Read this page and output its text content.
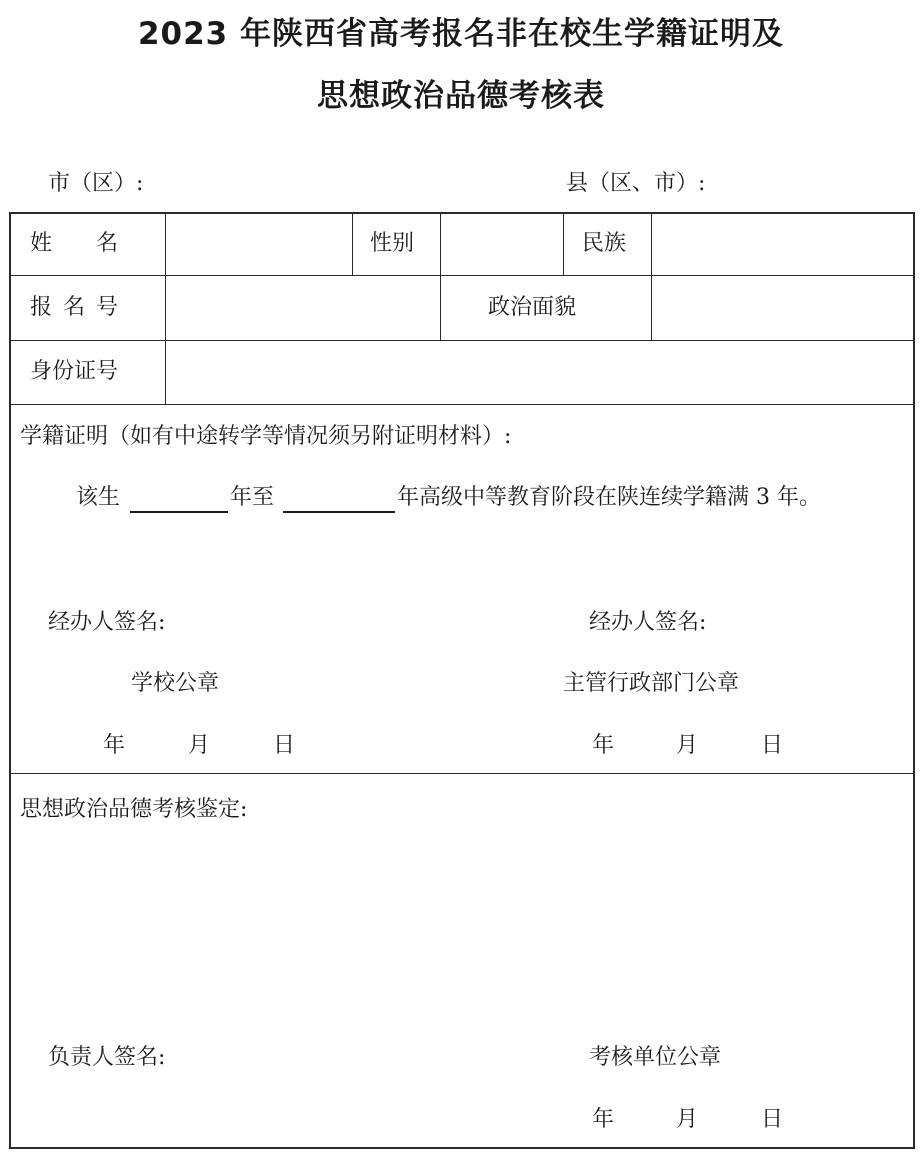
2023 年陕西省高考报名非在校生学籍证明及
思想政治品德考核表
市（区）:	县（区、市）:
姓　　名	性别	民族
报 名 号	政治面貌
身份证号
学籍证明（如有中途转学等情况须另附证明材料）:
该生	年至	年高级中等教育阶段在陕连续学籍满 3 年。
经办人签名:	经办人签名:
学校公章	主管行政部门公章
年	月	日	年	月	日
思想政治品德考核鉴定:
负责人签名:	考核单位公章
年	月	日
